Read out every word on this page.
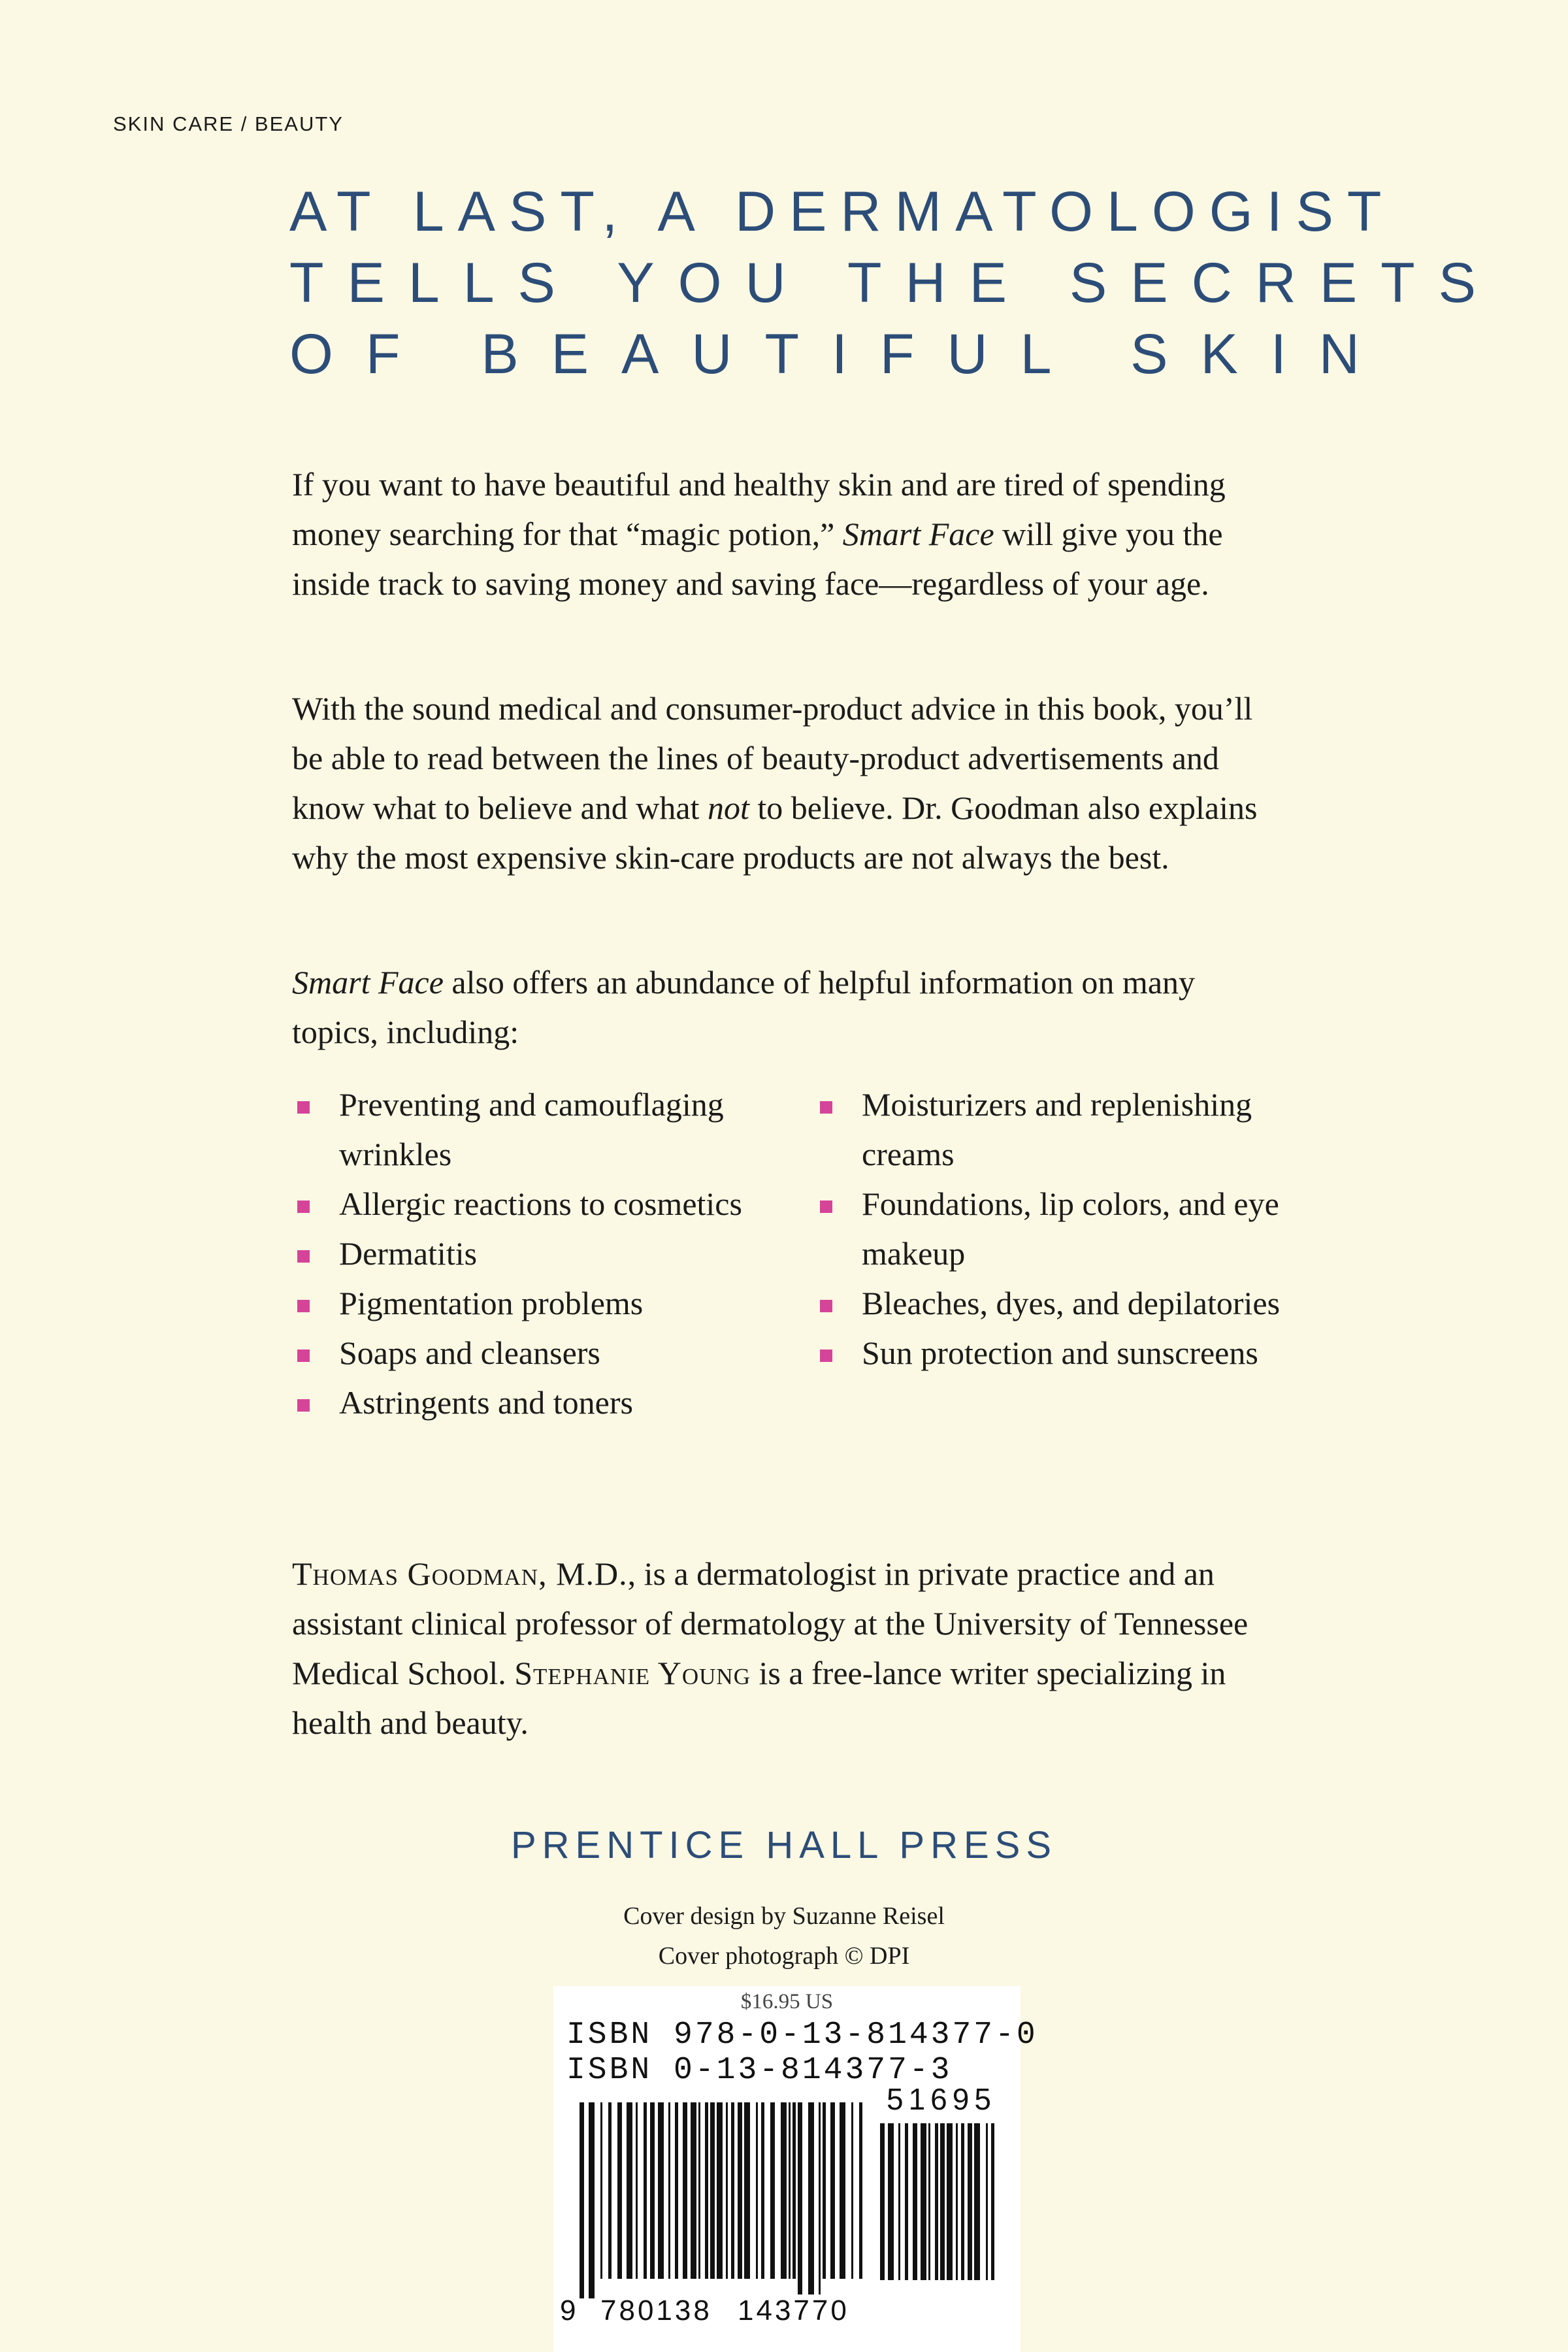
SKIN CARE / BEAUTY
AT LAST, A DERMATOLOGIST
TELLS YOU THE SECRETS
OF BEAUTIFUL SKIN

If you want to have beautiful and healthy skin and are tired of spending money searching for that “magic potion,” Smart Face will give you the inside track to saving money and saving face—regardless of your age.

With the sound medical and consumer-product advice in this book, you’ll be able to read between the lines of beauty-product advertisements and know what to believe and what not to believe. Dr. Goodman also explains why the most expensive skin-care products are not always the best.

Smart Face also offers an abundance of helpful information on many topics, including:

Preventing and camouflaging wrinkles
Allergic reactions to cosmetics
Dermatitis
Pigmentation problems
Soaps and cleansers
Astringents and toners
Moisturizers and replenishing creams
Foundations, lip colors, and eye makeup
Bleaches, dyes, and depilatories
Sun protection and sunscreens
Thomas Goodman, M.D., is a dermatologist in private practice and an assistant clinical professor of dermatology at the University of Tennessee Medical School. Stephanie Young is a free-lance writer specializing in health and beauty.
PRENTICE HALL PRESS
Cover design by Suzanne Reisel
Cover photograph © DPI
$16.95 US
ISBN 978-0-13-814377-0
ISBN 0-13-814377-3
51695
9 780138 143770
